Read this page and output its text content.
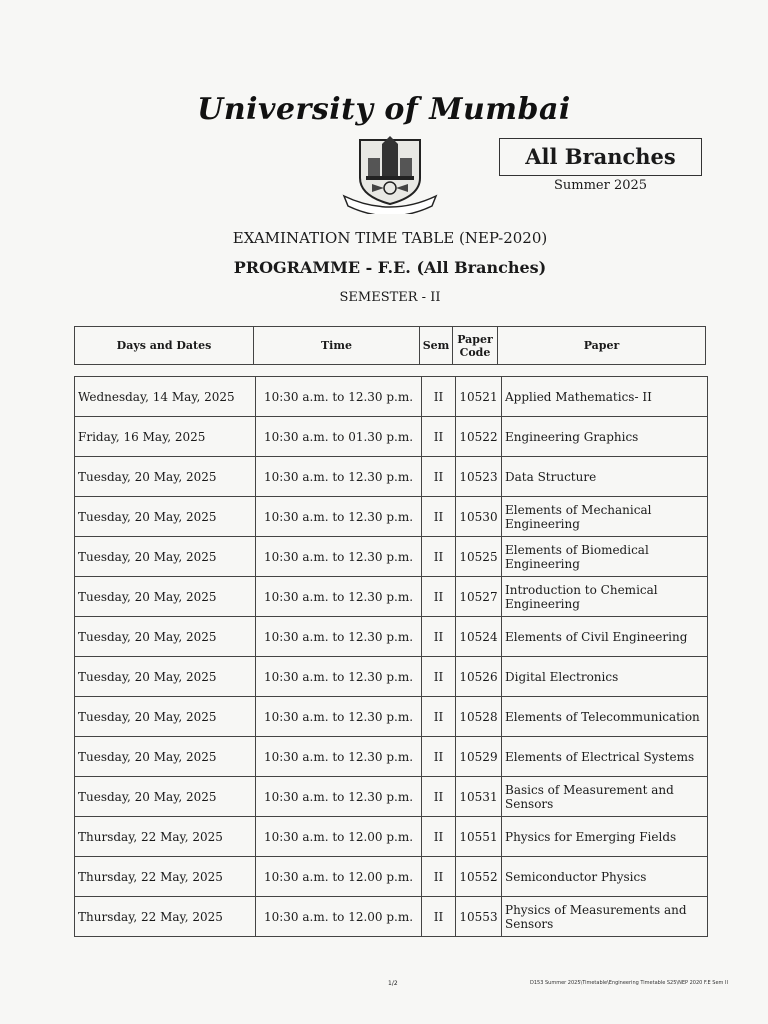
University of Mumbai
All Branches
Summer 2025
EXAMINATION TIME TABLE (NEP-2020)
PROGRAMME - F.E. (All Branches)
SEMESTER - II
Days and Dates	Time	Sem	Paper Code	Paper
Wednesday, 14 May, 2025	10:30 a.m. to 12.30 p.m.	II	10521	Applied Mathematics- II
Friday, 16 May, 2025	10:30 a.m. to 01.30 p.m.	II	10522	Engineering Graphics
Tuesday, 20 May, 2025	10:30 a.m. to 12.30 p.m.	II	10523	Data Structure
Tuesday, 20 May, 2025	10:30 a.m. to 12.30 p.m.	II	10530	Elements of Mechanical Engineering
Tuesday, 20 May, 2025	10:30 a.m. to 12.30 p.m.	II	10525	Elements of Biomedical Engineering
Tuesday, 20 May, 2025	10:30 a.m. to 12.30 p.m.	II	10527	Introduction to Chemical Engineering
Tuesday, 20 May, 2025	10:30 a.m. to 12.30 p.m.	II	10524	Elements of Civil Engineering
Tuesday, 20 May, 2025	10:30 a.m. to 12.30 p.m.	II	10526	Digital Electronics
Tuesday, 20 May, 2025	10:30 a.m. to 12.30 p.m.	II	10528	Elements of Telecommunication
Tuesday, 20 May, 2025	10:30 a.m. to 12.30 p.m.	II	10529	Elements of Electrical Systems
Tuesday, 20 May, 2025	10:30 a.m. to 12.30 p.m.	II	10531	Basics of Measurement and Sensors
Thursday, 22 May, 2025	10:30 a.m. to 12.00 p.m.	II	10551	Physics for Emerging Fields
Thursday, 22 May, 2025	10:30 a.m. to 12.00 p.m.	II	10552	Semiconductor Physics
Thursday, 22 May, 2025	10:30 a.m. to 12.00 p.m.	II	10553	Physics of Measurements and Sensors
1/2	D153 Summer 2025\Timetable\Engineering Timetable S25\NEP 2020 F.E Sem II
